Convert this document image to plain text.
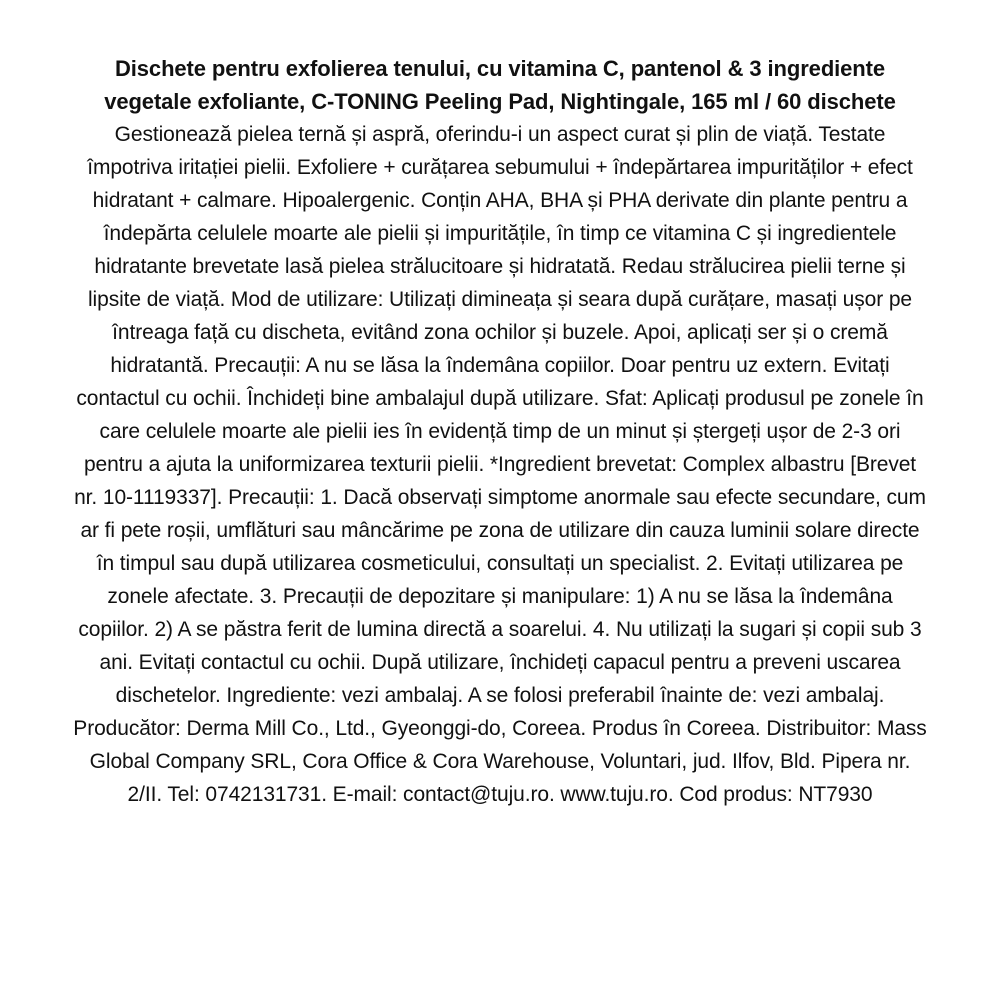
Dischete pentru exfolierea tenului, cu vitamina C, pantenol & 3 ingrediente vegetale exfoliante, C-TONING Peeling Pad, Nightingale, 165 ml / 60 dischete

Gestionează pielea ternă și aspră, oferindu-i un aspect curat și plin de viață. Testate împotriva iritației pielii. Exfoliere + curățarea sebumului + îndepărtarea impurităților + efect hidratant + calmare. Hipoalergenic. Conțin AHA, BHA și PHA derivate din plante pentru a îndepărta celulele moarte ale pielii și impuritățile, în timp ce vitamina C și ingredientele hidratante brevetate lasă pielea strălucitoare și hidratată. Redau strălucirea pielii terne și lipsite de viață. Mod de utilizare: Utilizați dimineața și seara după curățare, masați ușor pe întreaga față cu discheta, evitând zona ochilor și buzele. Apoi, aplicați ser și o cremă hidratantă. Precauții: A nu se lăsa la îndemâna copiilor. Doar pentru uz extern. Evitați contactul cu ochii. Închideți bine ambalajul după utilizare. Sfat: Aplicați produsul pe zonele în care celulele moarte ale pielii ies în evidență timp de un minut și ștergeți ușor de 2-3 ori pentru a ajuta la uniformizarea texturii pielii. *Ingredient brevetat: Complex albastru [Brevet nr. 10-1119337]. Precauții: 1. Dacă observați simptome anormale sau efecte secundare, cum ar fi pete roșii, umflături sau mâncărime pe zona de utilizare din cauza luminii solare directe în timpul sau după utilizarea cosmeticului, consultați un specialist. 2. Evitați utilizarea pe zonele afectate. 3. Precauții de depozitare și manipulare: 1) A nu se lăsa la îndemâna copiilor. 2) A se păstra ferit de lumina directă a soarelui. 4. Nu utilizați la sugari și copii sub 3 ani. Evitați contactul cu ochii. După utilizare, închideți capacul pentru a preveni uscarea dischetelor. Ingrediente: vezi ambalaj. A se folosi preferabil înainte de: vezi ambalaj. Producător: Derma Mill Co., Ltd., Gyeonggi-do, Coreea. Produs în Coreea. Distribuitor: Mass Global Company SRL, Cora Office & Cora Warehouse, Voluntari, jud. Ilfov, Bld. Pipera nr. 2/II. Tel: 0742131731. E-mail: contact@tuju.ro. www.tuju.ro. Cod produs: NT7930
